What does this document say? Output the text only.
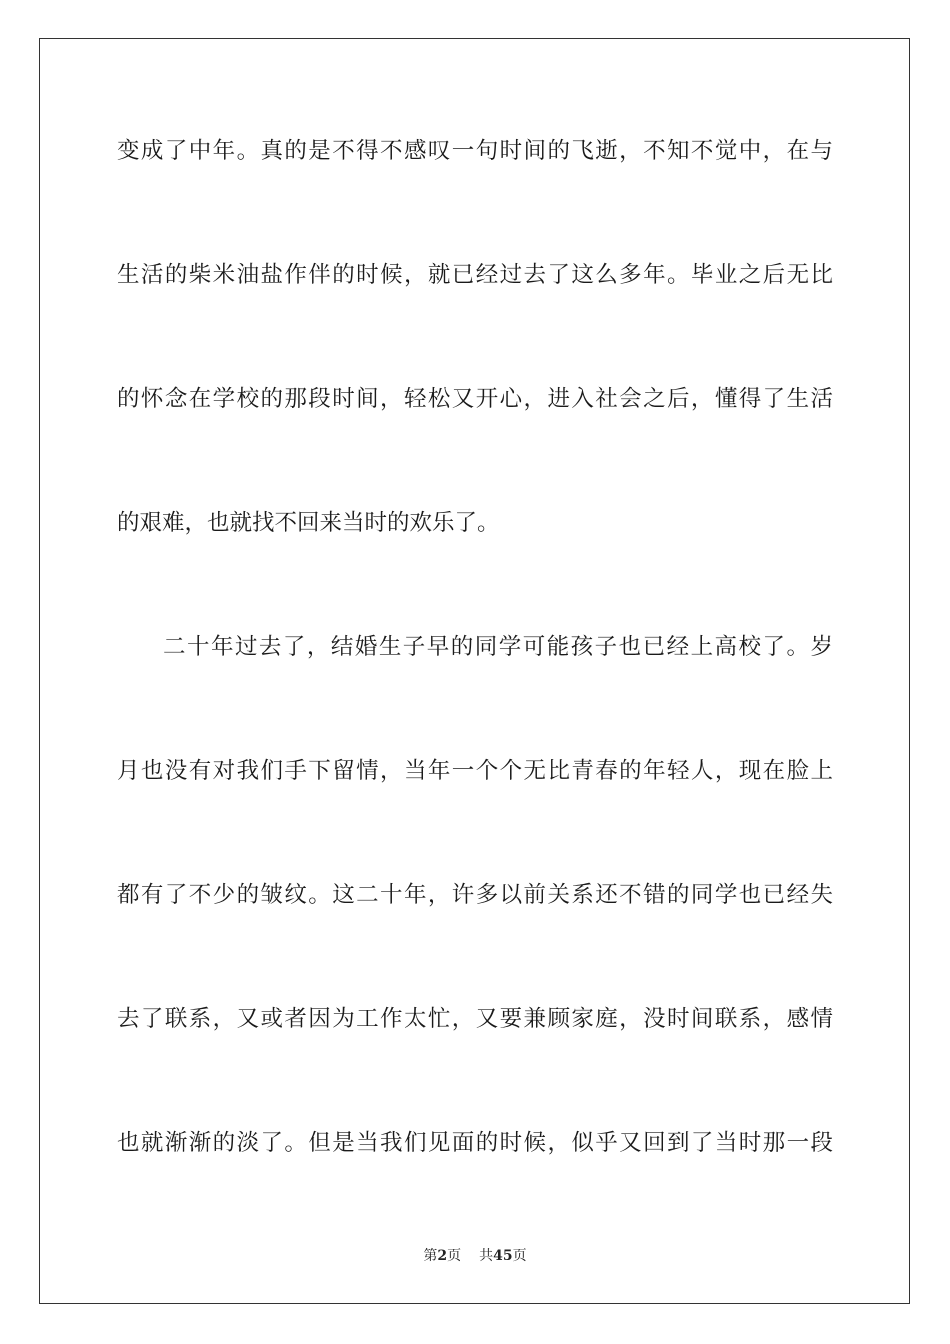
变成了中年。真的是不得不感叹一句时间的飞逝，不知不觉中，在与
生活的柴米油盐作伴的时候，就已经过去了这么多年。毕业之后无比
的怀念在学校的那段时间，轻松又开心，进入社会之后，懂得了生活
的艰难，也就找不回来当时的欢乐了。
二十年过去了，结婚生子早的同学可能孩子也已经上高校了。岁
月也没有对我们手下留情，当年一个个无比青春的年轻人，现在脸上
都有了不少的皱纹。这二十年，许多以前关系还不错的同学也已经失
去了联系，又或者因为工作太忙，又要兼顾家庭，没时间联系，感情
也就渐渐的淡了。但是当我们见面的时候，似乎又回到了当时那一段
第2页 共45页
